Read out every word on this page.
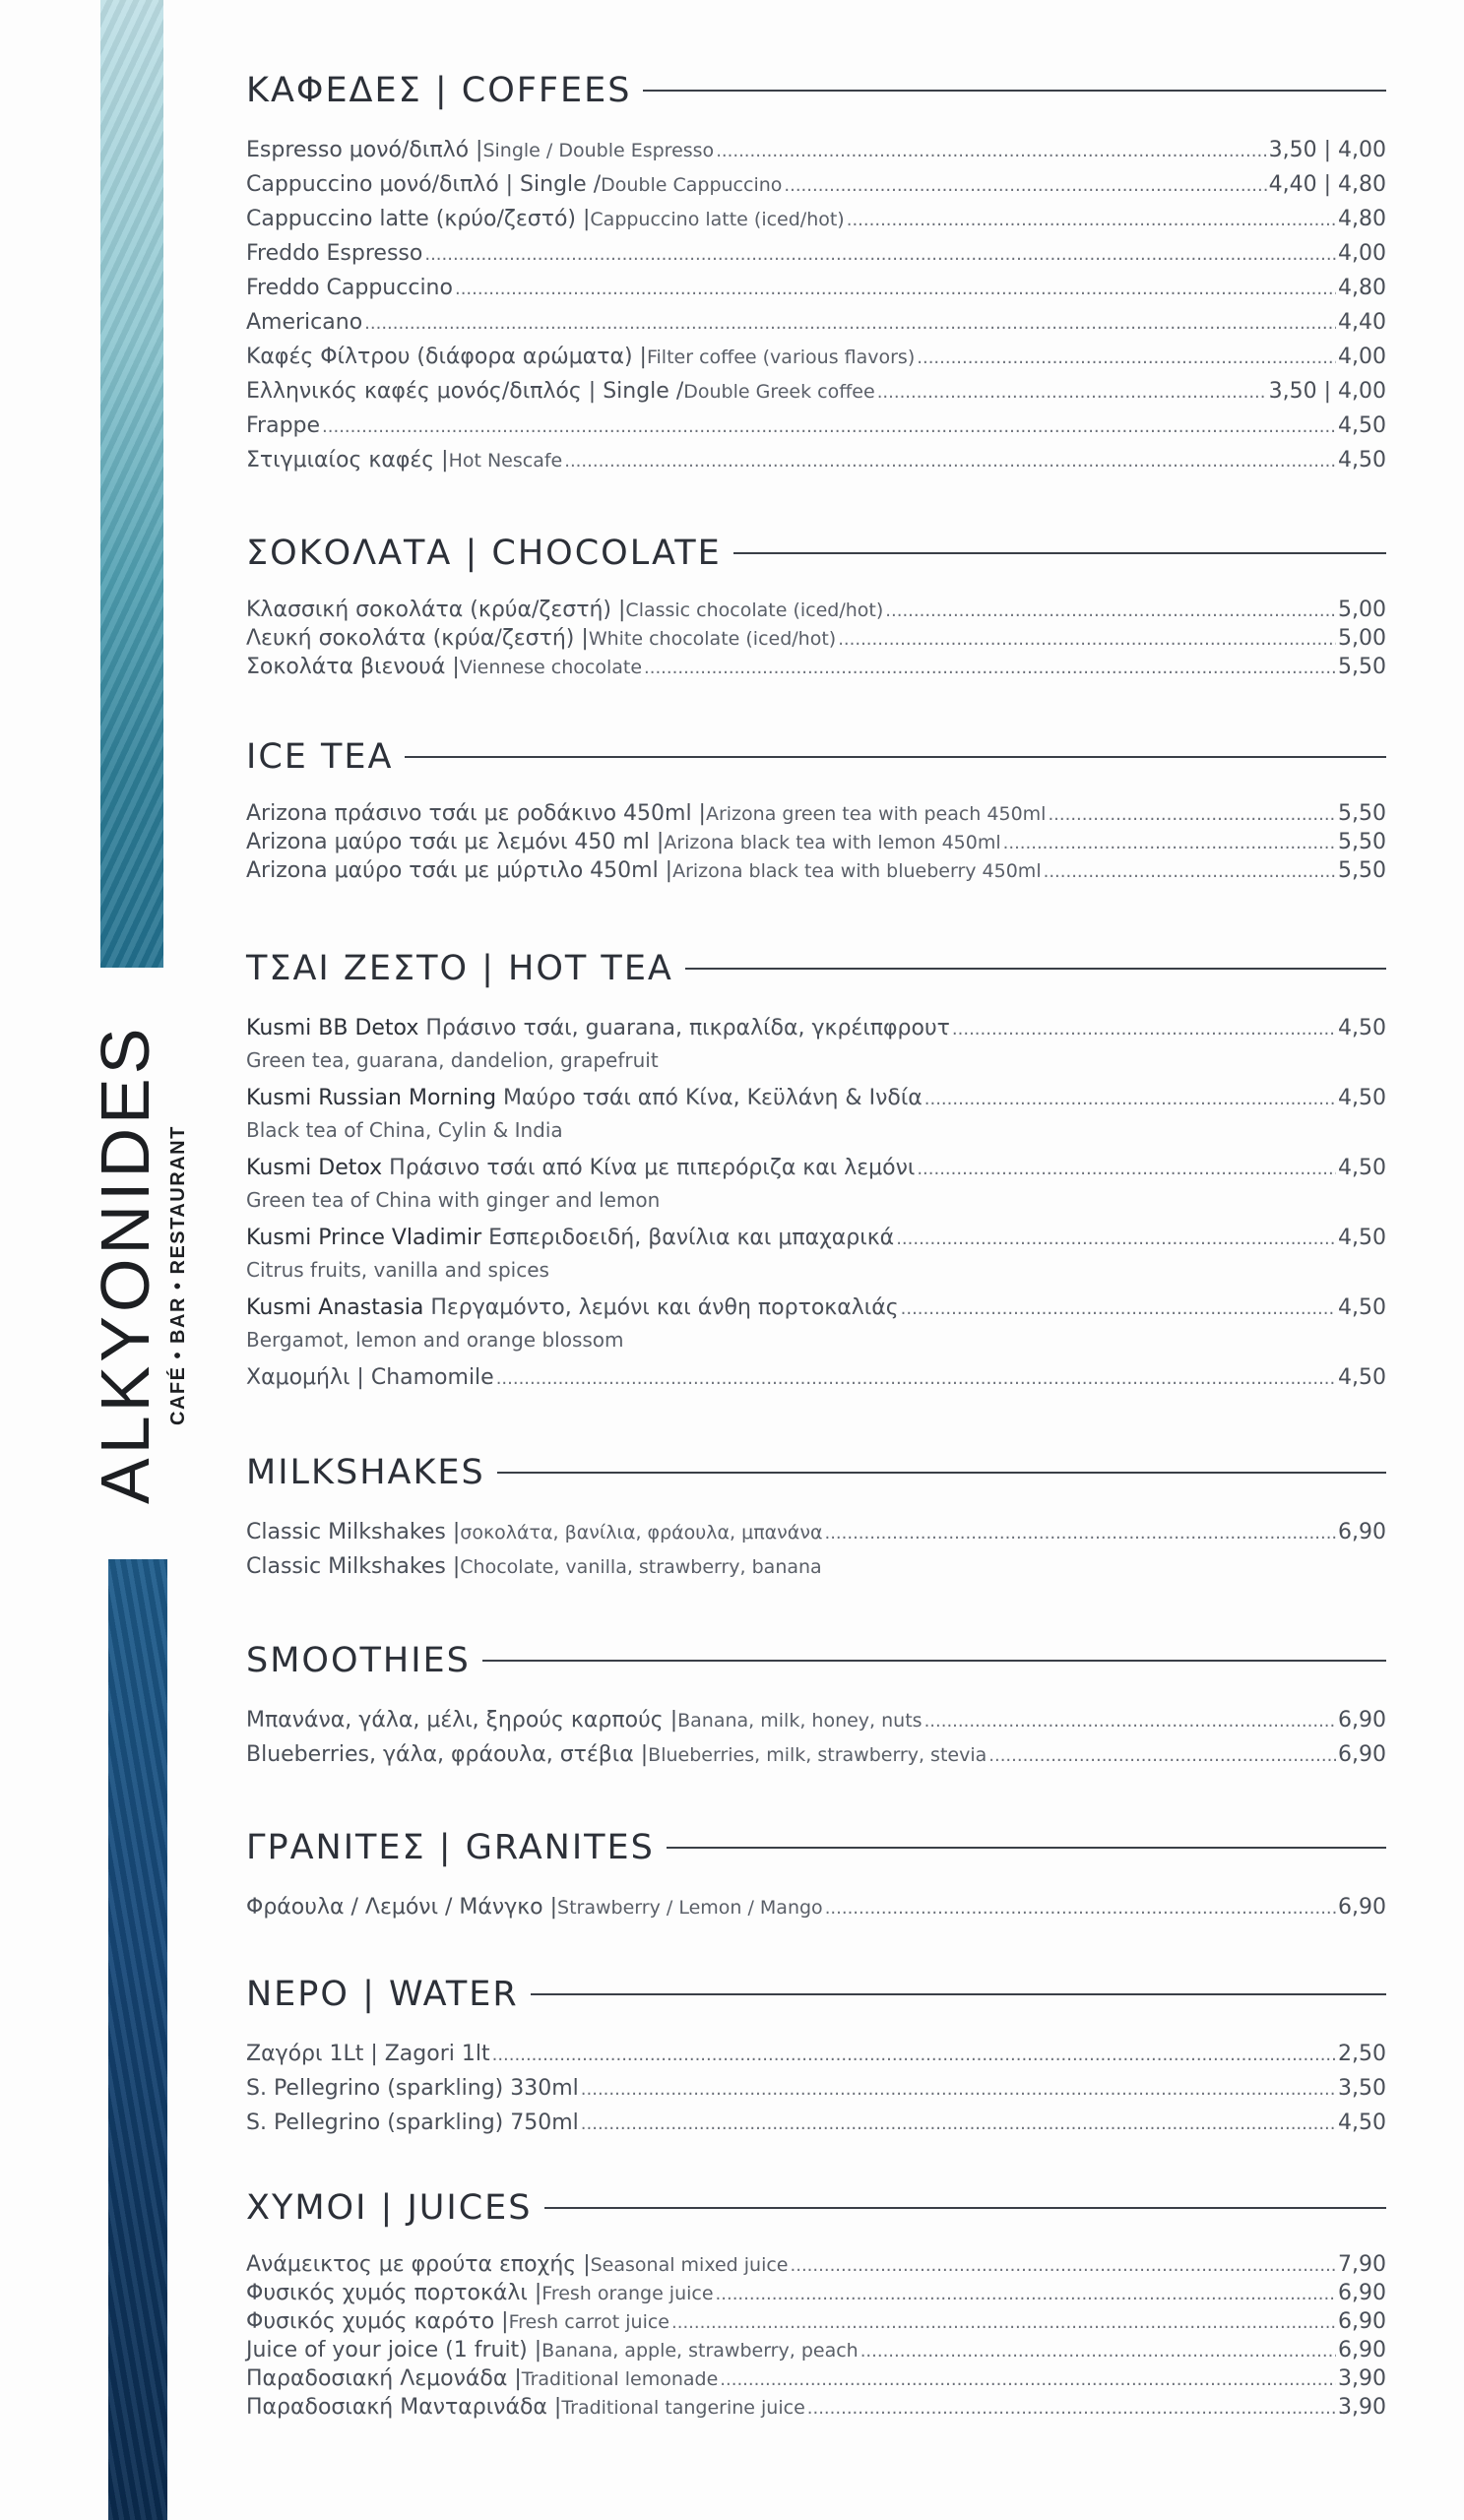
ALKYONIDES CAFÉ • BAR • RESTAURANT
ΚΑΦΕΔΕΣ | COFFEES
Espresso μονό/διπλό | Single / Double Espresso .....	3,50 | 4,00
Cappuccino μονό/διπλό | Single / Double Cappuccino .....	4,40 | 4,80
Cappuccino latte (κρύο/ζεστό) | Cappuccino latte (iced/hot) .....	4,80
Freddo Espresso .....	4,00
Freddo Cappuccino .....	4,80
Americano .....	4,40
Καφές Φίλτρου (διάφορα αρώματα) | Filter coffee (various flavors) .....	4,00
Ελληνικός καφές μονός/διπλός | Single / Double Greek coffee .....	3,50 | 4,00
Frappe .....	4,50
Στιγμιαίος καφές | Hot Nescafe .....	4,50
ΣΟΚΟΛΑΤΑ | CHOCOLATE
Κλασσική σοκολάτα (κρύα/ζεστή) | Classic chocolate (iced/hot) .....	5,00
Λευκή σοκολάτα (κρύα/ζεστή) | White chocolate (iced/hot) .....	5,00
Σοκολάτα βιενουά | Viennese chocolate .....	5,50
ICE TEA
Arizona πράσινο τσάι με ροδάκινο 450ml | Arizona green tea with peach 450ml .....	5,50
Arizona μαύρο τσάι με λεμόνι 450 ml | Arizona black tea with lemon 450ml .....	5,50
Arizona μαύρο τσάι με μύρτιλο 450ml | Arizona black tea with blueberry 450ml .....	5,50
ΤΣΑΙ ΖΕΣΤΟ | HOT TEA
Kusmi BB Detox Πράσινο τσάι, guarana, πικραλίδα, γκρέιπφρουτ .....	4,50
Green tea, guarana, dandelion, grapefruit
Kusmi Russian Morning Μαύρο τσάι από Κίνα, Κεϋλάνη & Ινδία .....	4,50
Black tea of China, Cylin & India
Kusmi Detox Πράσινο τσάι από Κίνα με πιπερόριζα και λεμόνι .....	4,50
Green tea of China with ginger and lemon
Kusmi Prince Vladimir Εσπεριδοειδή, βανίλια και μπαχαρικά .....	4,50
Citrus fruits, vanilla and spices
Kusmi Anastasia Περγαμόντο, λεμόνι και άνθη πορτοκαλιάς .....	4,50
Bergamot, lemon and orange blossom
Χαμομήλι | Chamomile .....	4,50
MILKSHAKES
Classic Milkshakes | σοκολάτα, βανίλια, φράουλα, μπανάνα .....	6,90
Classic Milkshakes | Chocolate, vanilla, strawberry, banana
SMOOTHIES
Μπανάνα, γάλα, μέλι, ξηρούς καρπούς | Banana, milk, honey, nuts .....	6,90
Blueberries, γάλα, φράουλα, στέβια | Blueberries, milk, strawberry, stevia .....	6,90
ΓΡΑΝΙΤΕΣ | GRANITES
Φράουλα / Λεμόνι / Μάνγκο | Strawberry / Lemon / Mango .....	6,90
ΝΕΡΟ | WATER
Ζαγόρι 1Lt | Zagori 1lt .....	2,50
S. Pellegrino (sparkling) 330ml .....	3,50
S. Pellegrino (sparkling) 750ml .....	4,50
ΧΥΜΟΙ | JUICES
Ανάμεικτος με φρούτα εποχής | Seasonal mixed juice .....	7,90
Φυσικός χυμός πορτοκάλι | Fresh orange juice .....	6,90
Φυσικός χυμός καρότο | Fresh carrot juice .....	6,90
Juice of your joice (1 fruit) | Banana, apple, strawberry, peach .....	6,90
Παραδοσιακή Λεμονάδα | Traditional lemonade .....	3,90
Παραδοσιακή Μανταρινάδα | Traditional tangerine juice .....	3,90
